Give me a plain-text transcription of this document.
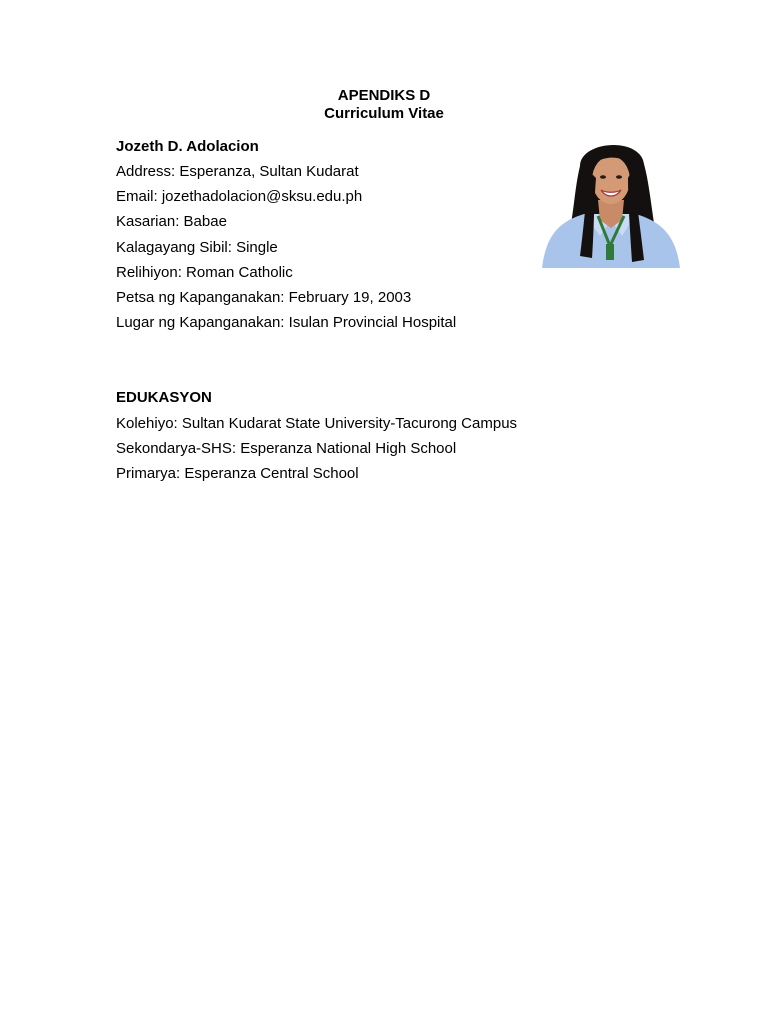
APENDIKS D
Curriculum Vitae
Jozeth D. Adolacion
Address: Esperanza, Sultan Kudarat
Email: jozethadolacion@sksu.edu.ph
Kasarian: Babae
Kalagayang Sibil: Single
Relihiyon: Roman Catholic
Petsa ng Kapanganakan: February 19, 2003
Lugar ng Kapanganakan: Isulan Provincial Hospital
EDUKASYON
Kolehiyo: Sultan Kudarat State University-Tacurong Campus
Sekondarya-SHS: Esperanza National High School
Primarya: Esperanza Central School
